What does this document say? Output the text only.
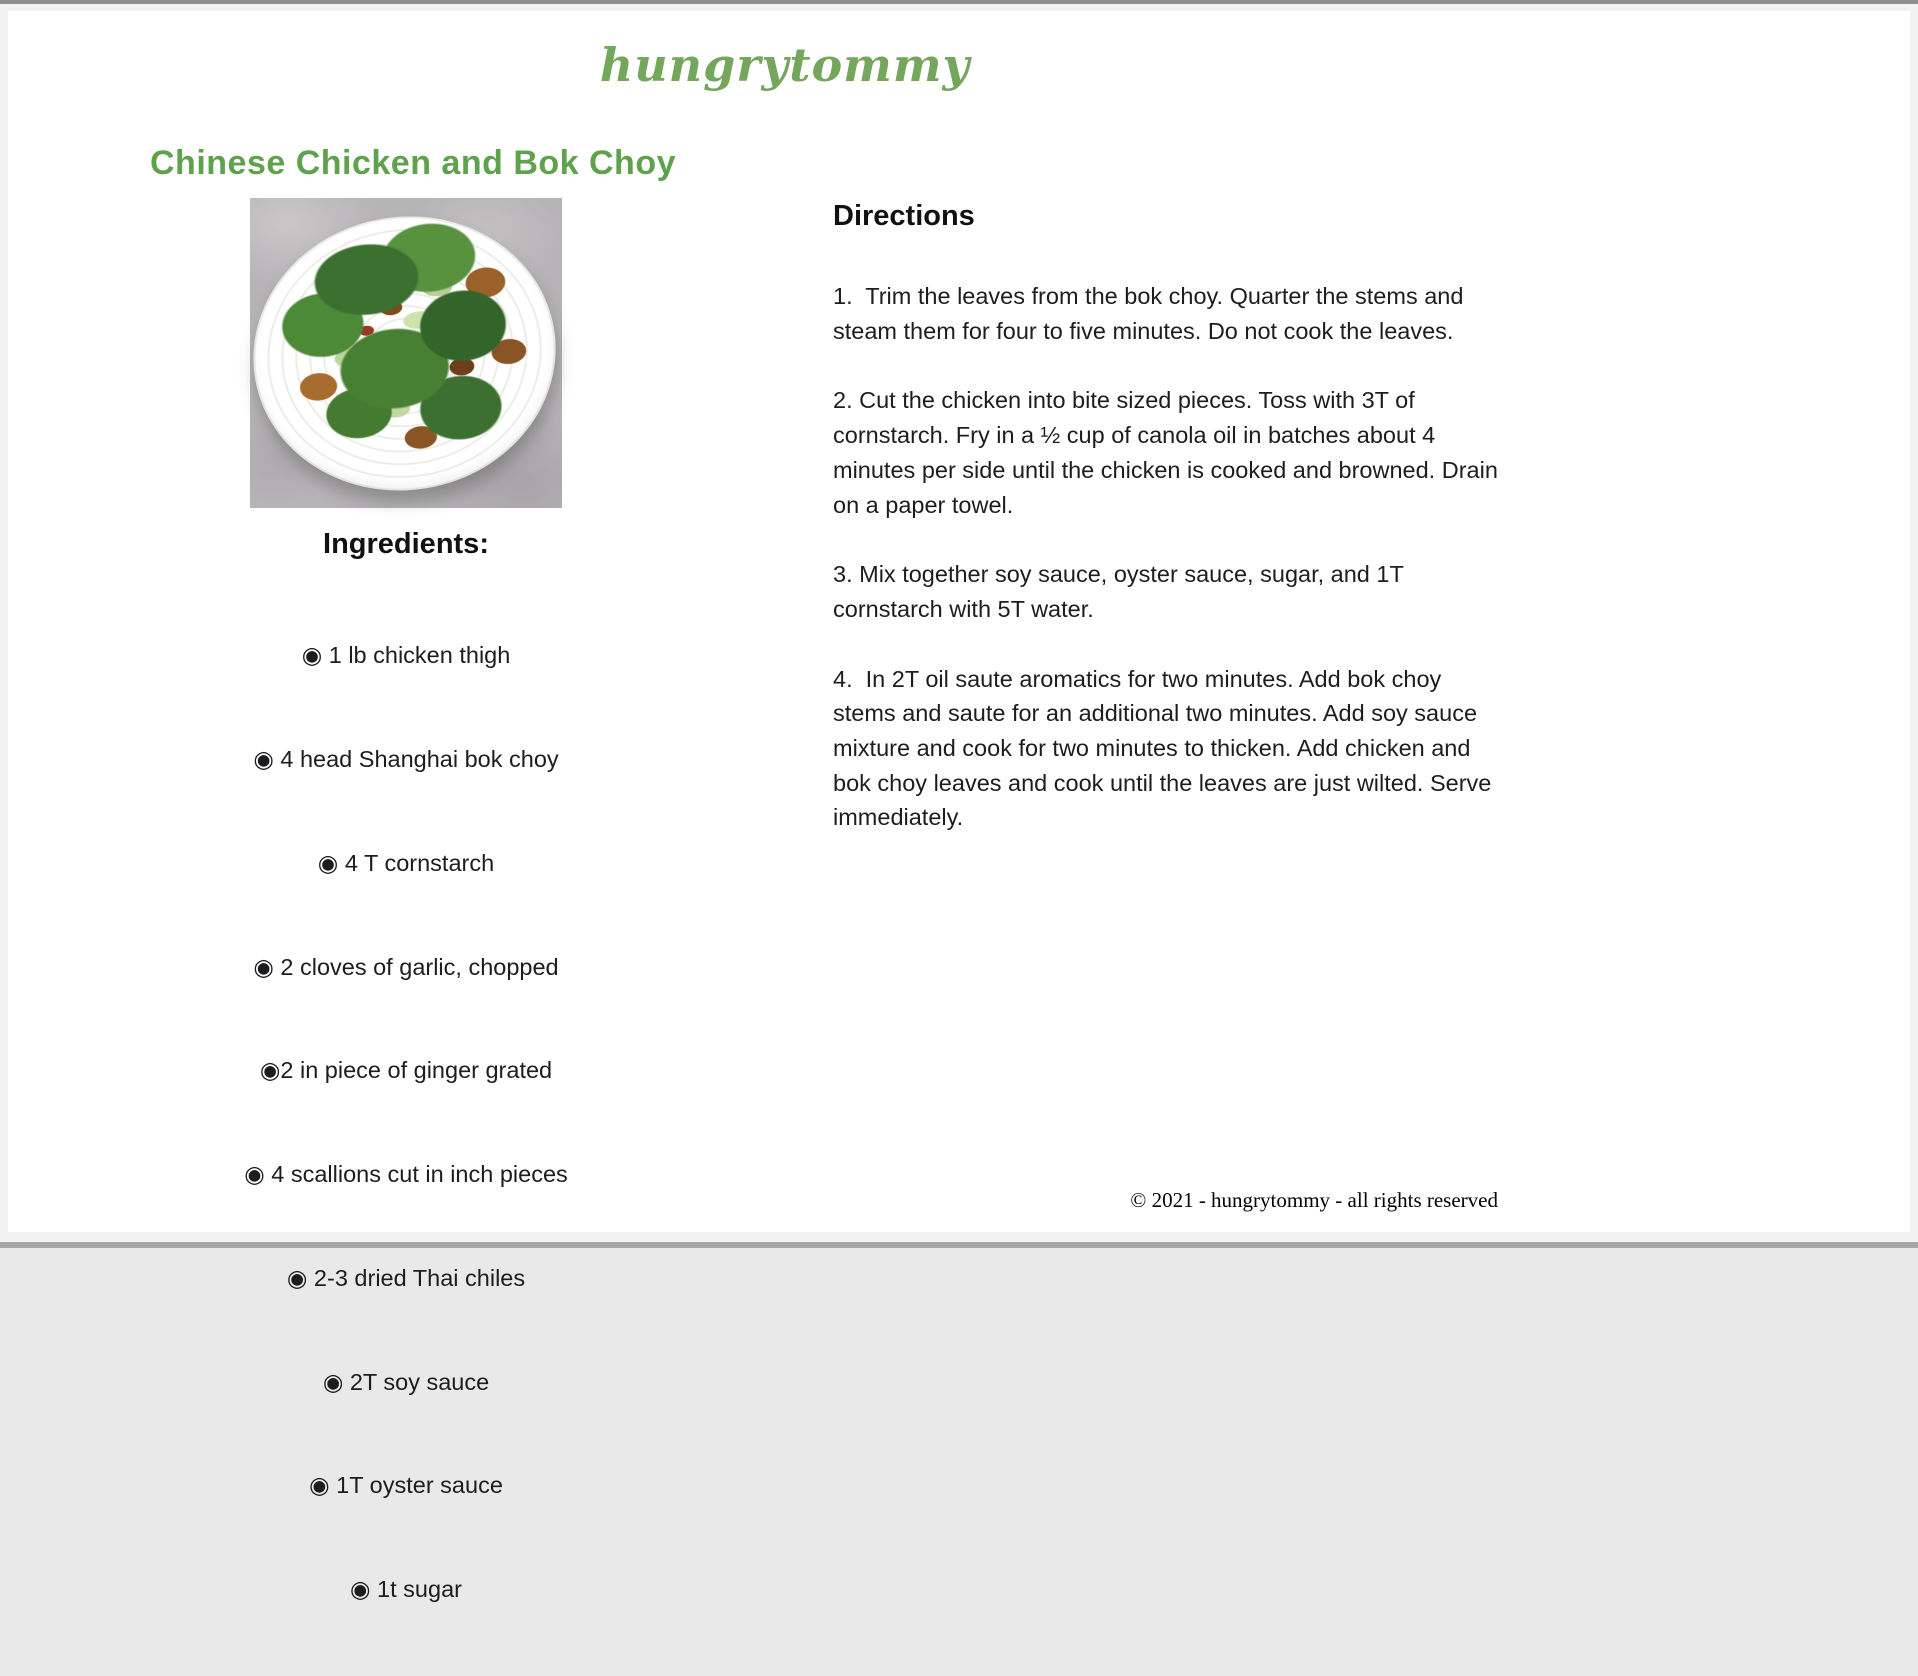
hungrytommy
Chinese Chicken and Bok Choy
Ingredients:

◉ 1 lb chicken thigh

◉ 4 head Shanghai bok choy

◉ 4 T cornstarch

◉ 2 cloves of garlic, chopped

◉2 in piece of ginger grated

◉ 4 scallions cut in inch pieces

◉ 2-3 dried Thai chiles

◉ 2T soy sauce

◉ 1T oyster sauce

◉ 1t sugar

Directions

1.  Trim the leaves from the bok choy. Quarter the stems and steam them for four to five minutes. Do not cook the leaves.

2. Cut the chicken into bite sized pieces. Toss with 3T of cornstarch. Fry in a ½ cup of canola oil in batches about 4 minutes per side until the chicken is cooked and browned. Drain on a paper towel.

3. Mix together soy sauce, oyster sauce, sugar, and 1T cornstarch with 5T water.

4.  In 2T oil saute aromatics for two minutes. Add bok choy stems and saute for an additional two minutes. Add soy sauce mixture and cook for two minutes to thicken. Add chicken and bok choy leaves and cook until the leaves are just wilted. Serve immediately.

© 2021 - hungrytommy - all rights reserved
